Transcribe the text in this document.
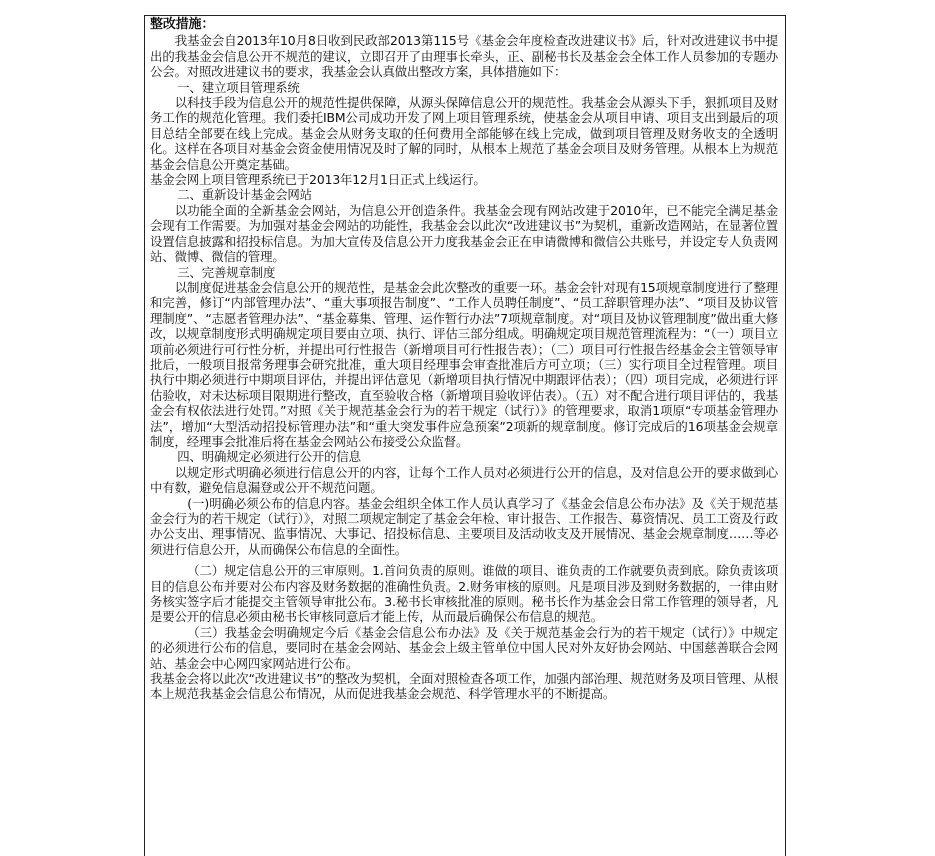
整改措施：

我基金会自2013年10月8日收到民政部2013第115号《基金会年度检查改进建议书》后，针对改进建议书中提出的我基金会信息公开不规范的建议，立即召开了由理事长牵头，正、副秘书长及基金会全体工作人员参加的专题办公会。对照改进建议书的要求，我基金会认真做出整改方案，具体措施如下：

一、建立项目管理系统

以科技手段为信息公开的规范性提供保障，从源头保障信息公开的规范性。我基金会从源头下手，狠抓项目及财务工作的规范化管理。我们委托IBM公司成功开发了网上项目管理系统，使基金会从项目申请、项目支出到最后的项目总结全部要在线上完成。基金会从财务支取的任何费用全部能够在线上完成，做到项目管理及财务收支的全透明化。这样在各项目对基金会资金使用情况及时了解的同时，从根本上规范了基金会项目及财务管理。从根本上为规范基金会信息公开奠定基础。

基金会网上项目管理系统已于2013年12月1日正式上线运行。

二、重新设计基金会网站

以功能全面的全新基金会网站，为信息公开创造条件。我基金会现有网站改建于2010年，已不能完全满足基金会现有工作需要。为加强对基金会网站的功能性，我基金会以此次“改进建议书”为契机，重新改造网站，在显著位置设置信息披露和招投标信息。为加大宣传及信息公开力度我基金会正在申请微博和微信公共账号，并设定专人负责网站、微博、微信的管理。

三、完善规章制度

以制度促进基金会信息公开的规范性，是基金会此次整改的重要一环。基金会针对现有15项规章制度进行了整理和完善，修订“内部管理办法”、“重大事项报告制度”、“工作人员聘任制度”、“员工辞职管理办法”、“项目及协议管理制度”、“志愿者管理办法”、“基金募集、管理、运作暂行办法”7项规章制度。对“项目及协议管理制度”做出重大修改，以规章制度形式明确规定项目要由立项、执行、评估三部分组成。明确规定项目规范管理流程为：“（一）项目立项前必须进行可行性分析，并提出可行性报告（新增项目可行性报告表）；（二）项目可行性报告经基金会主管领导审批后，一般项目报常务理事会研究批准，重大项目经理事会审查批准后方可立项；（三）实行项目全过程管理。项目执行中期必须进行中期项目评估，并提出评估意见（新增项目执行情况中期跟评估表）；（四）项目完成，必须进行评估验收，对未达标项目限期进行整改，直至验收合格（新增项目验收评估表）。（五）对不配合进行项目评估的，我基金会有权依法进行处罚。”对照《关于规范基金会行为的若干规定（试行）》的管理要求，取消1项原“专项基金管理办法”，增加“大型活动招投标管理办法”和“重大突发事件应急预案”2项新的规章制度。修订完成后的16项基金会规章制度，经理事会批准后将在基金会网站公布接受公众监督。

四、明确规定必须进行公开的信息

以规定形式明确必须进行信息公开的内容，让每个工作人员对必须进行公开的信息，及对信息公开的要求做到心中有数，避免信息漏登或公开不规范问题。

(一)明确必须公布的信息内容。基金会组织全体工作人员认真学习了《基金会信息公布办法》及《关于规范基金会行为的若干规定（试行）》，对照二项规定制定了基金会年检、审计报告、工作报告、募资情况、员工工资及行政办公支出、理事情况、监事情况、大事记、招投标信息、主要项目及活动收支及开展情况、基金会规章制度……等必须进行信息公开，从而确保公布信息的全面性。

（二）规定信息公开的三审原则。1.首问负责的原则。谁做的项目、谁负责的工作就要负责到底。除负责该项目的信息公布并要对公布内容及财务数据的准确性负责。2.财务审核的原则。凡是项目涉及到财务数据的，一律由财务核实签字后才能提交主管领导审批公布。3.秘书长审核批准的原则。秘书长作为基金会日常工作管理的领导者，凡是要公开的信息必须由秘书长审核同意后才能上传，从而最后确保公布信息的规范。

（三）我基金会明确规定今后《基金会信息公布办法》及《关于规范基金会行为的若干规定（试行）》中规定的必须进行公布的信息，要同时在基金会网站、基金会上级主管单位中国人民对外友好协会网站、中国慈善联合会网站、基金会中心网四家网站进行公布。

我基金会将以此次“改进建议书”的整改为契机，全面对照检查各项工作，加强内部治理、规范财务及项目管理、从根本上规范我基金会信息公布情况，从而促进我基金会规范、科学管理水平的不断提高。
